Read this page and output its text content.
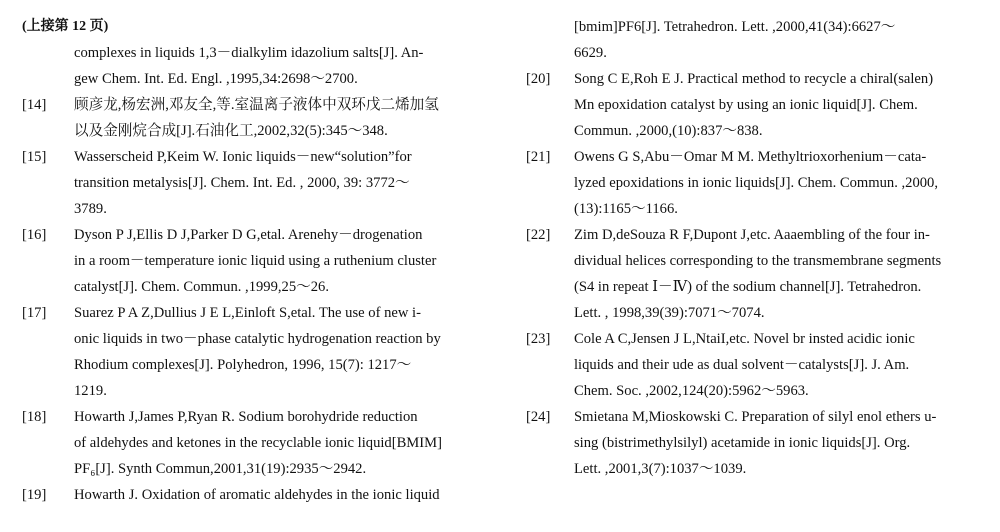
(上接第 12 页)
complexes in liquids 1,3－dialkylim idazolium salts[J]. An-
gew Chem. Int. Ed. Engl. ,1995,34:2698～2700.
[14] 顾彦龙,杨宏洲,邓友全,等.室温离子液体中双环戊二烯加氢
以及金刚烷合成[J].石油化工,2002,32(5):345～348.
[15] Wasserscheid P,Keim W. Ionic liquids－new“solution”for
transition metalysis[J]. Chem. Int. Ed. , 2000, 39: 3772～
3789.
[16] Dyson P J,Ellis D J,Parker D G,etal. Arenehy－drogenation
in a room－temperature ionic liquid using a ruthenium cluster
catalyst[J]. Chem. Commun. ,1999,25～26.
[17] Suarez P A Z,Dullius J E L,Einloft S,etal. The use of new i-
onic liquids in two－phase catalytic hydrogenation reaction by
Rhodium complexes[J]. Polyhedron, 1996, 15(7): 1217～
1219.
[18] Howarth J,James P,Ryan R. Sodium borohydride reduction
of aldehydes and ketones in the recyclable ionic liquid[BMIM]
PF₆[J]. Synth Commun,2001,31(19):2935～2942.
[19] Howarth J. Oxidation of aromatic aldehydes in the ionic liquid
[bmim]PF6[J]. Tetrahedron. Lett. ,2000,41(34):6627～
6629.
[20] Song C E,Roh E J. Practical method to recycle a chiral(salen)
Mn epoxidation catalyst by using an ionic liquid[J]. Chem.
Commun. ,2000,(10):837～838.
[21] Owens G S,Abu－Omar M M. Methyltrioxorhenium－cata-
lyzed epoxidations in ionic liquids[J]. Chem. Commun. ,2000,
(13):1165～1166.
[22] Zim D,deSouza R F,Dupont J,etc. Aaaembling of the four in-
dividual helices corresponding to the transmembrane segments
(S4 in repeat Ⅰ－Ⅳ) of the sodium channel[J]. Tetrahedron.
Lett. , 1998,39(39):7071～7074.
[23] Cole A C,Jensen J L,NtaiI,etc. Novel br insted acidic ionic
liquids and their ude as dual solvent－catalysts[J]. J. Am.
Chem. Soc. ,2002,124(20):5962～5963.
[24] Smietana M,Mioskowski C. Preparation of silyl enol ethers u-
sing (bistrimethylsilyl) acetamide in ionic liquids[J]. Org.
Lett. ,2001,3(7):1037～1039.
